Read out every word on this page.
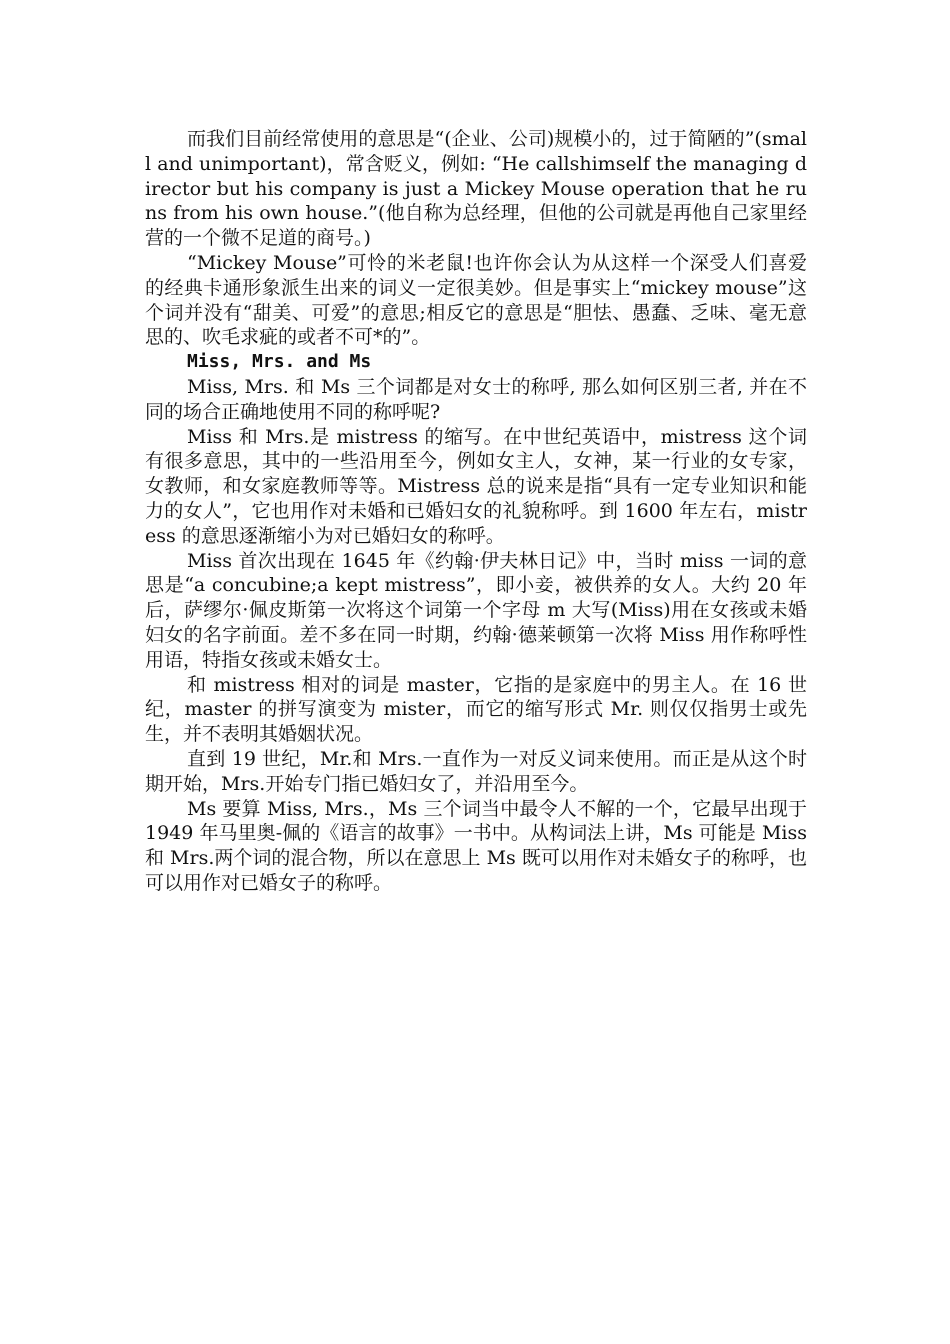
而我们目前经常使用的意思是“(企业、公司)规模小的，过于简陋的”(small and unimportant)，常含贬义，例如: “He callshimself the managing director but his company is just a Mickey Mouse operation that he runs from his own house.”(他自称为总经理，但他的公司就是再他自己家里经营的一个微不足道的商号。)

“Mickey Mouse”可怜的米老鼠!也许你会认为从这样一个深受人们喜爱的经典卡通形象派生出来的词义一定很美妙。但是事实上“mickey mouse”这个词并没有“甜美、可爱”的意思;相反它的意思是“胆怯、愚蠢、乏味、毫无意思的、吹毛求疵的或者不可*的”。

Miss, Mrs. and Ms

Miss, Mrs. 和 Ms 三个词都是对女士的称呼, 那么如何区别三者, 并在不同的场合正确地使用不同的称呼呢?

Miss 和 Mrs.是 mistress 的缩写。在中世纪英语中，mistress 这个词有很多意思，其中的一些沿用至今，例如女主人，女神，某一行业的女专家，女教师，和女家庭教师等等。Mistress 总的说来是指“具有一定专业知识和能力的女人”，它也用作对未婚和已婚妇女的礼貌称呼。到 1600 年左右，mistress 的意思逐渐缩小为对已婚妇女的称呼。

Miss 首次出现在 1645 年《约翰·伊夫林日记》中，当时 miss 一词的意思是“a concubine;a kept mistress”，即小妾，被供养的女人。大约 20 年后，萨缪尔·佩皮斯第一次将这个词第一个字母 m 大写(Miss)用在女孩或未婚妇女的名字前面。差不多在同一时期，约翰·德莱顿第一次将 Miss 用作称呼性用语，特指女孩或未婚女士。

和 mistress 相对的词是 master，它指的是家庭中的男主人。在 16 世纪，master 的拼写演变为 mister，而它的缩写形式 Mr. 则仅仅指男士或先生，并不表明其婚姻状况。

直到 19 世纪，Mr.和 Mrs.一直作为一对反义词来使用。而正是从这个时期开始，Mrs.开始专门指已婚妇女了，并沿用至今。

Ms 要算 Miss, Mrs.，Ms 三个词当中最令人不解的一个，它最早出现于 1949 年马里奥-佩的《语言的故事》一书中。从构词法上讲，Ms 可能是 Miss 和 Mrs.两个词的混合物，所以在意思上 Ms 既可以用作对未婚女子的称呼，也可以用作对已婚女子的称呼。
